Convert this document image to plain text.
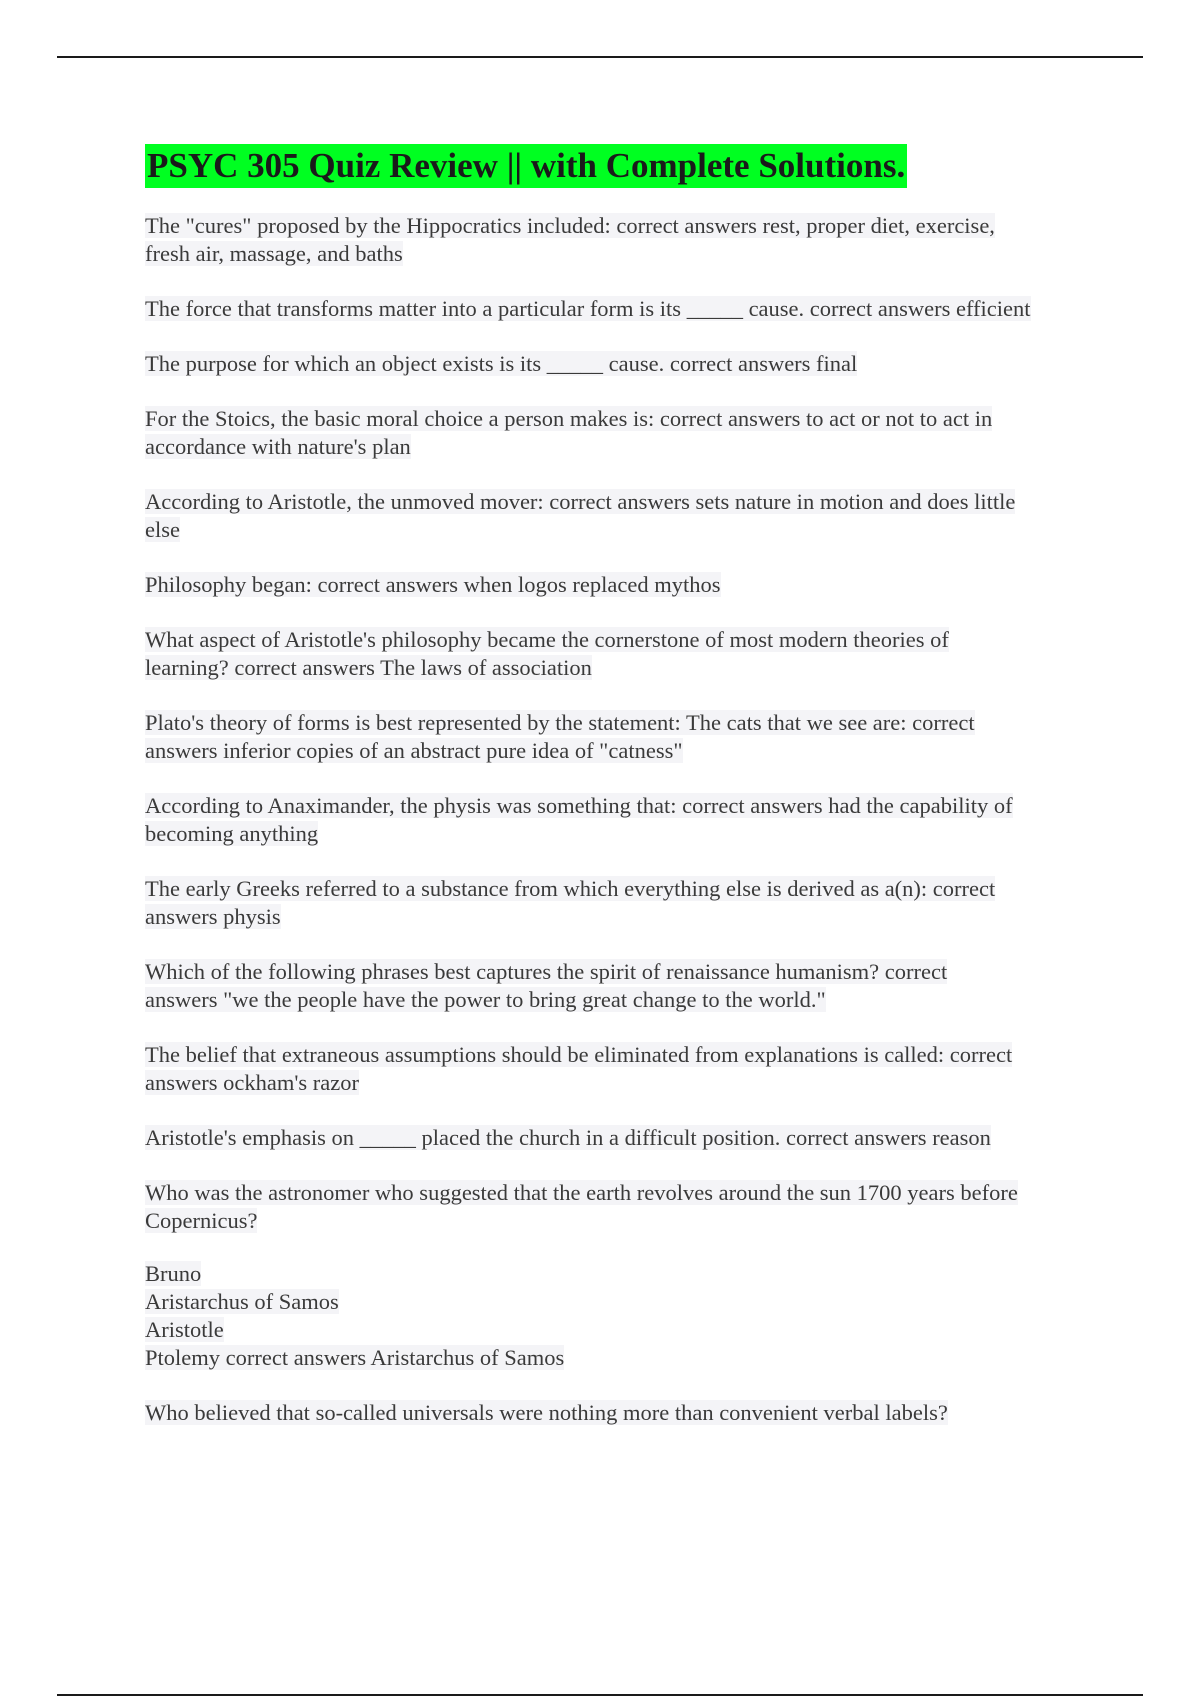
PSYC 305 Quiz Review || with Complete Solutions.
The "cures" proposed by the Hippocratics included: correct answers rest, proper diet, exercise,
fresh air, massage, and baths
The force that transforms matter into a particular form is its _____ cause. correct answers efficient
The purpose for which an object exists is its _____ cause. correct answers final
For the Stoics, the basic moral choice a person makes is: correct answers to act or not to act in
accordance with nature's plan
According to Aristotle, the unmoved mover: correct answers sets nature in motion and does little
else
Philosophy began: correct answers when logos replaced mythos
What aspect of Aristotle's philosophy became the cornerstone of most modern theories of
learning? correct answers The laws of association
Plato's theory of forms is best represented by the statement: The cats that we see are: correct
answers inferior copies of an abstract pure idea of "catness"
According to Anaximander, the physis was something that: correct answers had the capability of
becoming anything
The early Greeks referred to a substance from which everything else is derived as a(n): correct
answers physis
Which of the following phrases best captures the spirit of renaissance humanism? correct
answers "we the people have the power to bring great change to the world."
The belief that extraneous assumptions should be eliminated from explanations is called: correct
answers ockham's razor
Aristotle's emphasis on _____ placed the church in a difficult position. correct answers reason
Who was the astronomer who suggested that the earth revolves around the sun 1700 years before
Copernicus?
Bruno
Aristarchus of Samos
Aristotle
Ptolemy correct answers Aristarchus of Samos
Who believed that so-called universals were nothing more than convenient verbal labels?
